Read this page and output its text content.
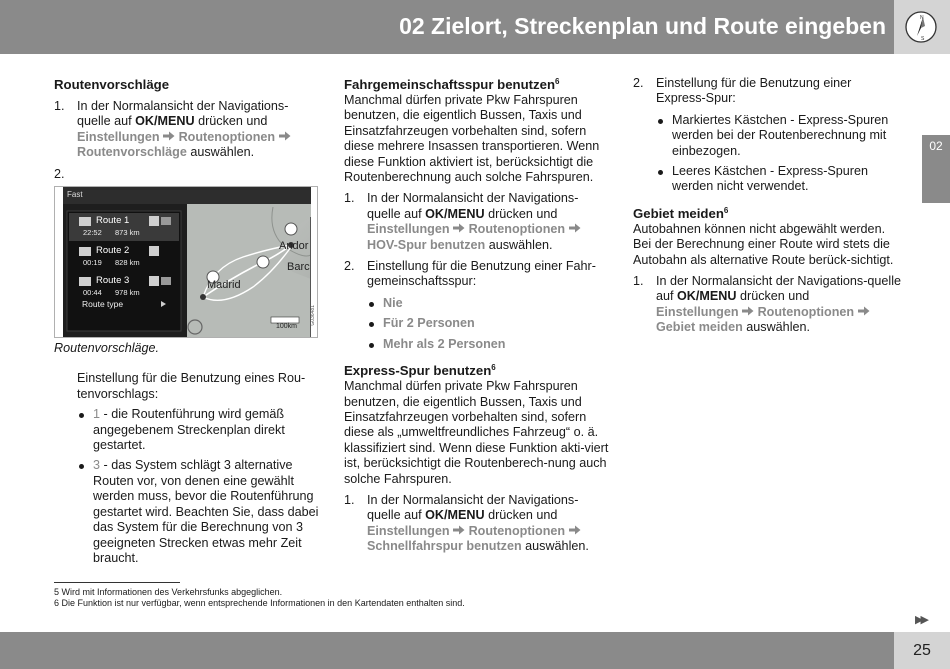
02 Zielort, Streckenplan und Route eingeben	N
S
02
Routenvorschläge
1. In der Normalansicht der Navigations-quelle auf OK/MENU drücken und
Einstellungen Routenoptionen
Routenvorschläge auswählen.
2.
Fast
Route 1
22:52 873 km
Route 2
00:19 828 km
Route 3
00:44 978 km
Route type
Andor
Barc
Madrid
100km
G036481

Routenvorschläge.

Einstellung für die Benutzung eines Rou-tenvorschlags:

1 - die Routenführung wird gemäß angegebenem Streckenplan direkt gestartet.
3 - das System schlägt 3 alternative Routen vor, von denen eine gewählt werden muss, bevor die Routenführung gestartet wird. Beachten Sie, dass dabei das System für die Berechnung von 3 geeigneten Strecken etwas mehr Zeit braucht.
Fahrgemeinschaftsspur benutzen$^6$

Manchmal dürfen private Pkw Fahrspuren benutzen, die eigentlich Bussen, Taxis und Einsatzfahrzeugen vorbehalten sind, sofern diese mehrere Insassen transportieren. Wenn diese Funktion aktiviert ist, berücksichtigt die Routenberechnung auch solche Fahrspuren.

1. In der Normalansicht der Navigations-quelle auf OK/MENU drücken und
Einstellungen Routenoptionen
HOV-Spur benutzen auswählen.
2. Einstellung für die Benutzung einer Fahr-gemeinschaftsspur:
Nie
Für 2 Personen
Mehr als 2 Personen
Express-Spur benutzen$^6$

Manchmal dürfen private Pkw Fahrspuren benutzen, die eigentlich Bussen, Taxis und Einsatzfahrzeugen vorbehalten sind, sofern diese als „umweltfreundliches Fahrzeug“ o. ä. klassifiziert sind. Wenn diese Funktion akti-viert ist, berücksichtigt die Routenberech-nung auch solche Fahrspuren.

1. In der Normalansicht der Navigations-quelle auf OK/MENU drücken und
Einstellungen Routenoptionen
Schnellfahrspur benutzen auswählen.
2. Einstellung für die Benutzung einer Express-Spur:
Markiertes Kästchen - Express-Spuren werden bei der Routenberechnung mit einbezogen.
Leeres Kästchen - Express-Spuren werden nicht verwendet.
Gebiet meiden$^6$

Autobahnen können nicht abgewählt werden. Bei der Berechnung einer Route wird stets die Autobahn als alternative Route berück-sichtigt.

1. In der Normalansicht der Navigations-quelle auf OK/MENU drücken und
Einstellungen Routenoptionen
Gebiet meiden auswählen.
5 Wird mit Informationen des Verkehrsfunks abgeglichen.
6 Die Funktion ist nur verfügbar, wenn entsprechende Informationen in den Kartendaten enthalten sind.
▶▶
25
